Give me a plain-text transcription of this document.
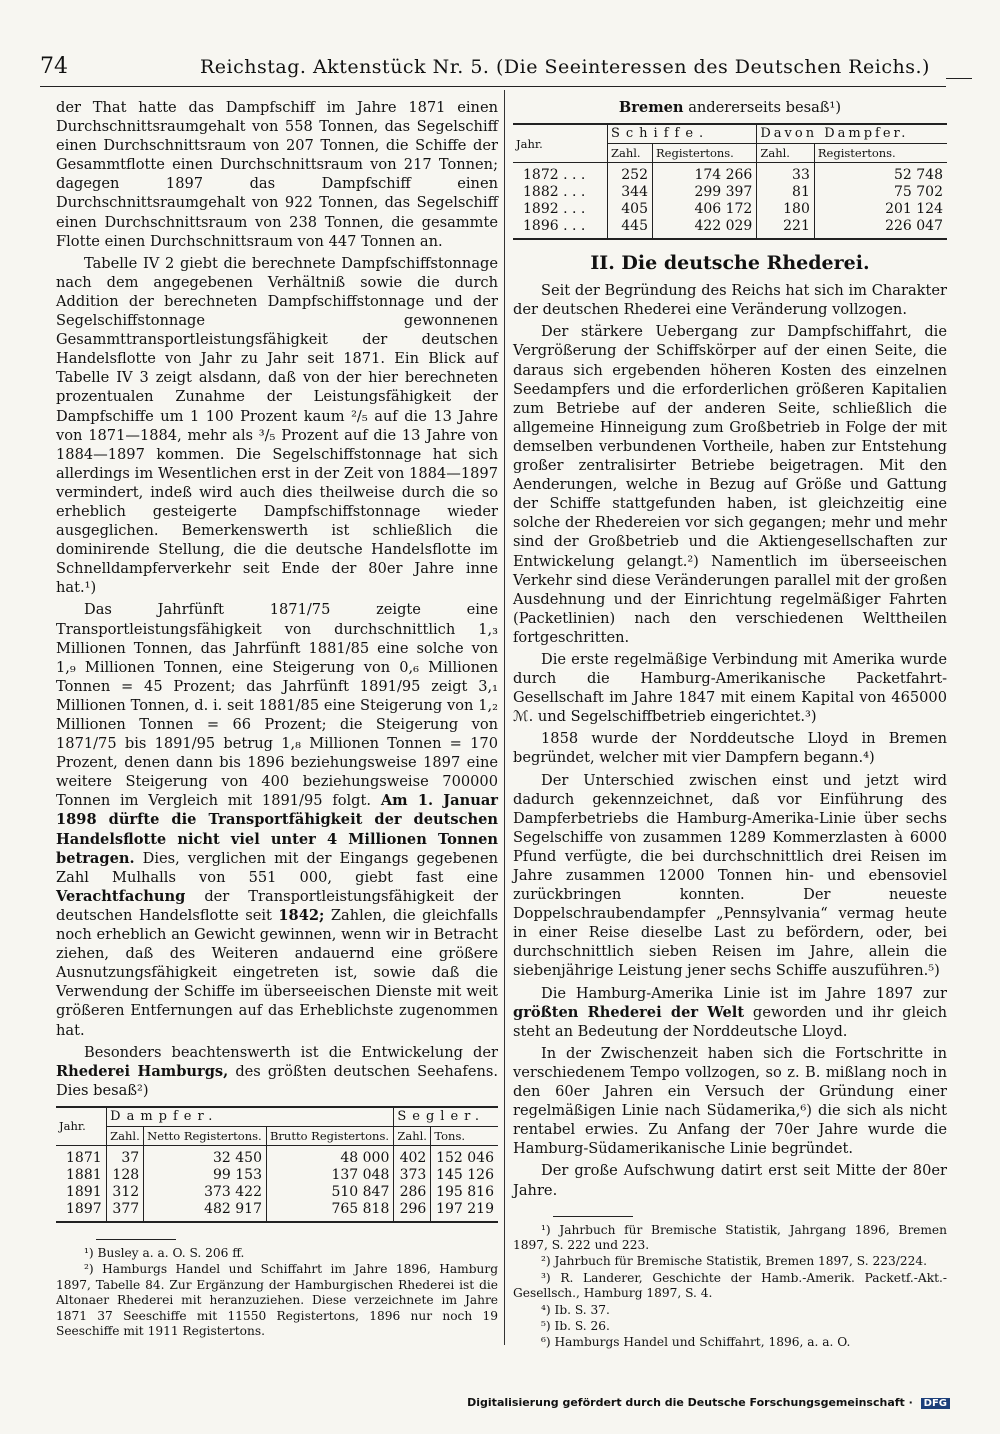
74	Reichstag. Aktenstück Nr. 5. (Die Seeinteressen des Deutschen Reichs.)

der That hatte das Dampfschiff im Jahre 1871 einen Durchschnittsraumgehalt von 558 Tonnen, das Segelschiff einen Durchschnittsraum von 207 Tonnen, die Schiffe der Gesammtflotte einen Durchschnittsraum von 217 Tonnen; dagegen 1897 das Dampfschiff einen Durchschnittsraumgehalt von 922 Tonnen, das Segelschiff einen Durchschnittsraum von 238 Tonnen, die gesammte Flotte einen Durchschnittsraum von 447 Tonnen an.

Tabelle IV 2 giebt die berechnete Dampfschiffstonnage nach dem angegebenen Verhältniß sowie die durch Addition der berechneten Dampfschiffstonnage und der Segelschiffstonnage gewonnenen Gesammttransportleistungsfähigkeit der deutschen Handelsflotte von Jahr zu Jahr seit 1871. Ein Blick auf Tabelle IV 3 zeigt alsdann, daß von der hier berechneten prozentualen Zunahme der Leistungsfähigkeit der Dampfschiffe um 1 100 Prozent kaum ²/₅ auf die 13 Jahre von 1871—1884, mehr als ³/₅ Prozent auf die 13 Jahre von 1884—1897 kommen. Die Segelschiffstonnage hat sich allerdings im Wesentlichen erst in der Zeit von 1884—1897 vermindert, indeß wird auch dies theilweise durch die so erheblich gesteigerte Dampfschiffstonnage wieder ausgeglichen. Bemerkenswerth ist schließlich die dominirende Stellung, die die deutsche Handelsflotte im Schnelldampferverkehr seit Ende der 80er Jahre inne hat.¹)

Das Jahrfünft 1871/75 zeigte eine Transportleistungsfähigkeit von durchschnittlich 1,₃ Millionen Tonnen, das Jahrfünft 1881/85 eine solche von 1,₉ Millionen Tonnen, eine Steigerung von 0,₆ Millionen Tonnen = 45 Prozent; das Jahrfünft 1891/95 zeigt 3,₁ Millionen Tonnen, d. i. seit 1881/85 eine Steigerung von 1,₂ Millionen Tonnen = 66 Prozent; die Steigerung von 1871/75 bis 1891/95 betrug 1,₈ Millionen Tonnen = 170 Prozent, denen dann bis 1896 beziehungsweise 1897 eine weitere Steigerung von 400 beziehungsweise 700000 Tonnen im Vergleich mit 1891/95 folgt. Am 1. Januar 1898 dürfte die Transportfähigkeit der deutschen Handelsflotte nicht viel unter 4 Millionen Tonnen betragen. Dies, verglichen mit der Eingangs gegebenen Zahl Mulhalls von 551 000, giebt fast eine Verachtfachung der Transportleistungsfähigkeit der deutschen Handelsflotte seit 1842; Zahlen, die gleichfalls noch erheblich an Gewicht gewinnen, wenn wir in Betracht ziehen, daß des Weiteren andauernd eine größere Ausnutzungsfähigkeit eingetreten ist, sowie daß die Verwendung der Schiffe im überseeischen Dienste mit weit größeren Entfernungen auf das Erheblichste zugenommen hat.

Besonders beachtenswerth ist die Entwickelung der Rhederei Hamburgs, des größten deutschen Seehafens. Dies besaß²)

Jahr.	Dampfer.			Segler.	
	Zahl.	Netto Registertons.	Brutto Registertons.	Zahl.	Tons.
1871	37	32 450	48 000	402	152 046
1881	128	99 153	137 048	373	145 126
1891	312	373 422	510 847	286	195 816
1897	377	482 917	765 818	296	197 219

¹) Busley a. a. O. S. 206 ff.

²) Hamburgs Handel und Schiffahrt im Jahre 1896, Hamburg 1897, Tabelle 84. Zur Ergänzung der Hamburgischen Rhederei ist die Altonaer Rhederei mit heranzuziehen. Diese verzeichnete im Jahre 1871 37 Seeschiffe mit 11550 Registertons, 1896 nur noch 19 Seeschiffe mit 1911 Registertons.

Bremen andererseits besaß¹)

Jahr.	Schiffe.		Davon Dampfer.	
	Zahl.	Registertons.	Zahl.	Registertons.
1872 . . .	252	174 266	33	52 748
1882 . . .	344	299 397	81	75 702
1892 . . .	405	406 172	180	201 124
1896 . . .	445	422 029	221	226 047
II. Die deutsche Rhederei.

Seit der Begründung des Reichs hat sich im Charakter der deutschen Rhederei eine Veränderung vollzogen.

Der stärkere Uebergang zur Dampfschiffahrt, die Vergrößerung der Schiffskörper auf der einen Seite, die daraus sich ergebenden höheren Kosten des einzelnen Seedampfers und die erforderlichen größeren Kapitalien zum Betriebe auf der anderen Seite, schließlich die allgemeine Hinneigung zum Großbetrieb in Folge der mit demselben verbundenen Vortheile, haben zur Entstehung großer zentralisirter Betriebe beigetragen. Mit den Aenderungen, welche in Bezug auf Größe und Gattung der Schiffe stattgefunden haben, ist gleichzeitig eine solche der Rhedereien vor sich gegangen; mehr und mehr sind der Großbetrieb und die Aktiengesellschaften zur Entwickelung gelangt.²) Namentlich im überseeischen Verkehr sind diese Veränderungen parallel mit der großen Ausdehnung und der Einrichtung regelmäßiger Fahrten (Packetlinien) nach den verschiedenen Welttheilen fortgeschritten.

Die erste regelmäßige Verbindung mit Amerika wurde durch die Hamburg-Amerikanische Packetfahrt-Gesellschaft im Jahre 1847 mit einem Kapital von 465000 ℳ. und Segelschiffbetrieb eingerichtet.³)

1858 wurde der Norddeutsche Lloyd in Bremen begründet, welcher mit vier Dampfern begann.⁴)

Der Unterschied zwischen einst und jetzt wird dadurch gekennzeichnet, daß vor Einführung des Dampferbetriebs die Hamburg-Amerika-Linie über sechs Segelschiffe von zusammen 1289 Kommerzlasten à 6000 Pfund verfügte, die bei durchschnittlich drei Reisen im Jahre zusammen 12000 Tonnen hin- und ebensoviel zurückbringen konnten. Der neueste Doppelschraubendampfer „Pennsylvania“ vermag heute in einer Reise dieselbe Last zu befördern, oder, bei durchschnittlich sieben Reisen im Jahre, allein die siebenjährige Leistung jener sechs Schiffe auszuführen.⁵)

Die Hamburg-Amerika Linie ist im Jahre 1897 zur größten Rhederei der Welt geworden und ihr gleich steht an Bedeutung der Norddeutsche Lloyd.

In der Zwischenzeit haben sich die Fortschritte in verschiedenem Tempo vollzogen, so z. B. mißlang noch in den 60er Jahren ein Versuch der Gründung einer regelmäßigen Linie nach Südamerika,⁶) die sich als nicht rentabel erwies. Zu Anfang der 70er Jahre wurde die Hamburg-Südamerikanische Linie begründet.

Der große Aufschwung datirt erst seit Mitte der 80er Jahre.

¹) Jahrbuch für Bremische Statistik, Jahrgang 1896, Bremen 1897, S. 222 und 223.

²) Jahrbuch für Bremische Statistik, Bremen 1897, S. 223/224.

³) R. Landerer, Geschichte der Hamb.-Amerik. Packetf.-Akt.-Gesellsch., Hamburg 1897, S. 4.

⁴) Ib. S. 37.

⁵) Ib. S. 26.

⁶) Hamburgs Handel und Schiffahrt, 1896, a. a. O.

Digitalisierung gefördert durch die Deutsche Forschungsgemeinschaft · DFG
